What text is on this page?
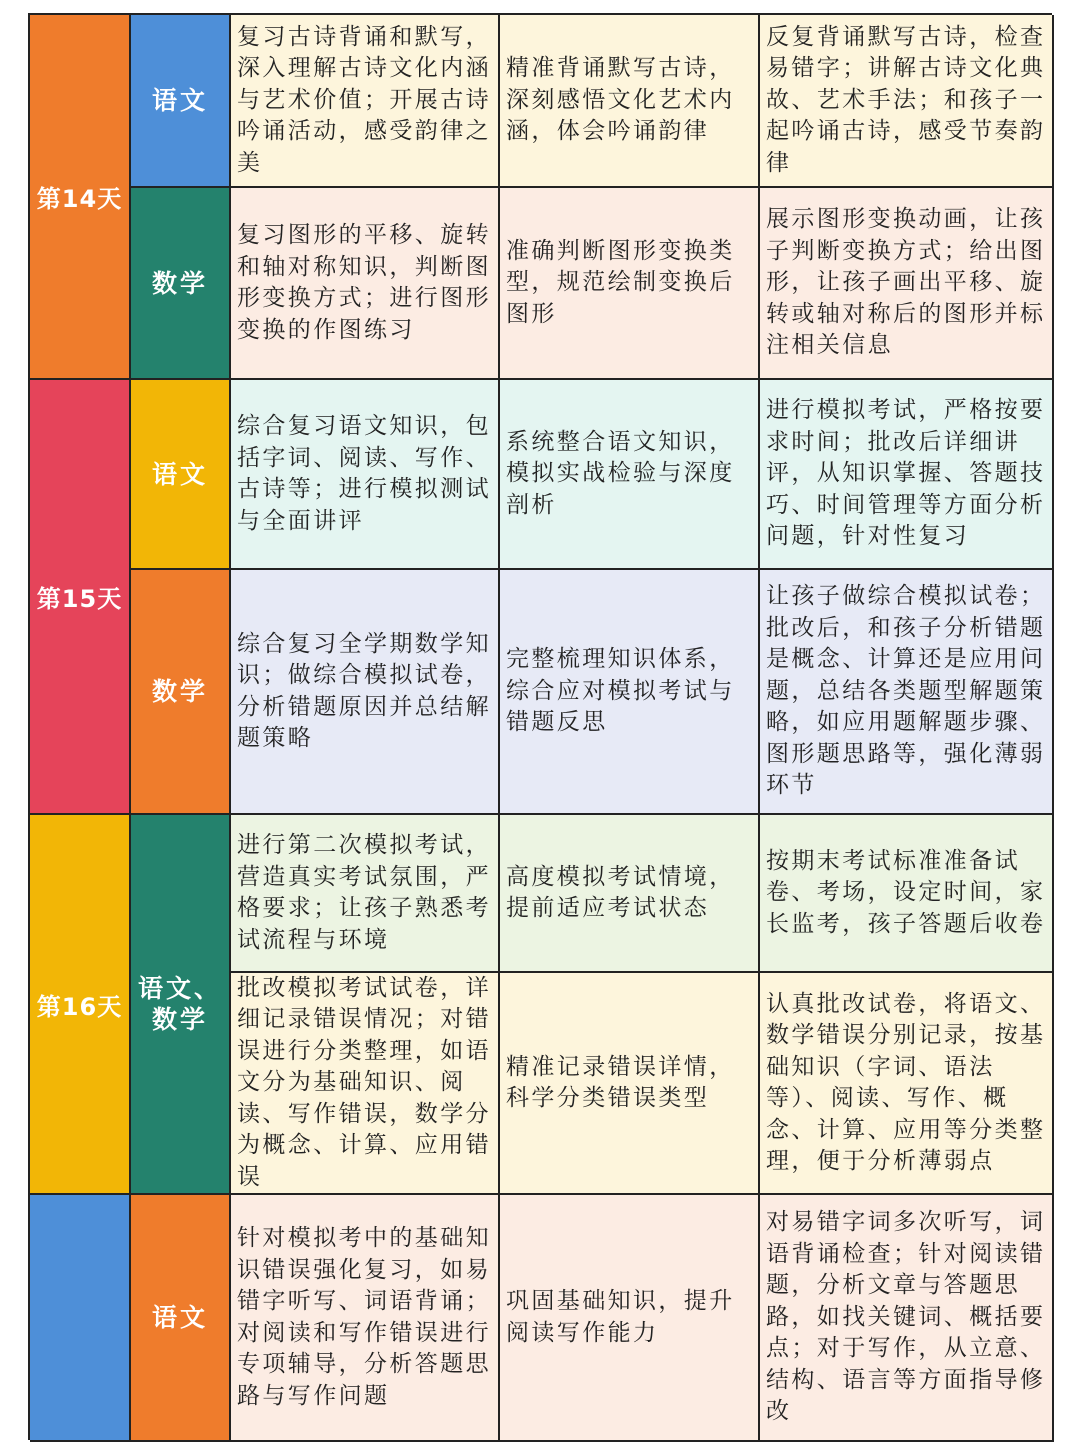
第14天
语文
复习古诗背诵和默写，深入理解古诗文化内涵与艺术价值；开展古诗吟诵活动，感受韵律之美
精准背诵默写古诗，深刻感悟文化艺术内涵，体会吟诵韵律
反复背诵默写古诗，检查易错字；讲解古诗文化典故、艺术手法；和孩子一起吟诵古诗，感受节奏韵律
数学
复习图形的平移、旋转和轴对称知识，判断图形变换方式；进行图形变换的作图练习
准确判断图形变换类型，规范绘制变换后图形
展示图形变换动画，让孩子判断变换方式；给出图形，让孩子画出平移、旋转或轴对称后的图形并标注相关信息
第15天
语文
综合复习语文知识，包括字词、阅读、写作、古诗等；进行模拟测试与全面讲评
系统整合语文知识，模拟实战检验与深度剖析
进行模拟考试，严格按要求时间；批改后详细讲评，从知识掌握、答题技巧、时间管理等方面分析问题，针对性复习
数学
综合复习全学期数学知识；做综合模拟试卷，分析错题原因并总结解题策略
完整梳理知识体系，综合应对模拟考试与错题反思
让孩子做综合模拟试卷；批改后，和孩子分析错题是概念、计算还是应用问题，总结各类题型解题策略，如应用题解题步骤、图形题思路等，强化薄弱环节
第16天
语文、数学
进行第二次模拟考试，营造真实考试氛围，严格要求；让孩子熟悉考试流程与环境
高度模拟考试情境，提前适应考试状态
按期末考试标准准备试卷、考场，设定时间，家长监考，孩子答题后收卷
批改模拟考试试卷，详细记录错误情况；对错误进行分类整理，如语文分为基础知识、阅读、写作错误，数学分为概念、计算、应用错误
精准记录错误详情，科学分类错误类型
认真批改试卷，将语文、数学错误分别记录，按基础知识（字词、语法等）、阅读、写作、概念、计算、应用等分类整理，便于分析薄弱点
语文
针对模拟考中的基础知识错误强化复习，如易错字听写、词语背诵；对阅读和写作错误进行专项辅导，分析答题思路与写作问题
巩固基础知识，提升阅读写作能力
对易错字词多次听写，词语背诵检查；针对阅读错题，分析文章与答题思路，如找关键词、概括要点；对于写作，从立意、结构、语言等方面指导修改
